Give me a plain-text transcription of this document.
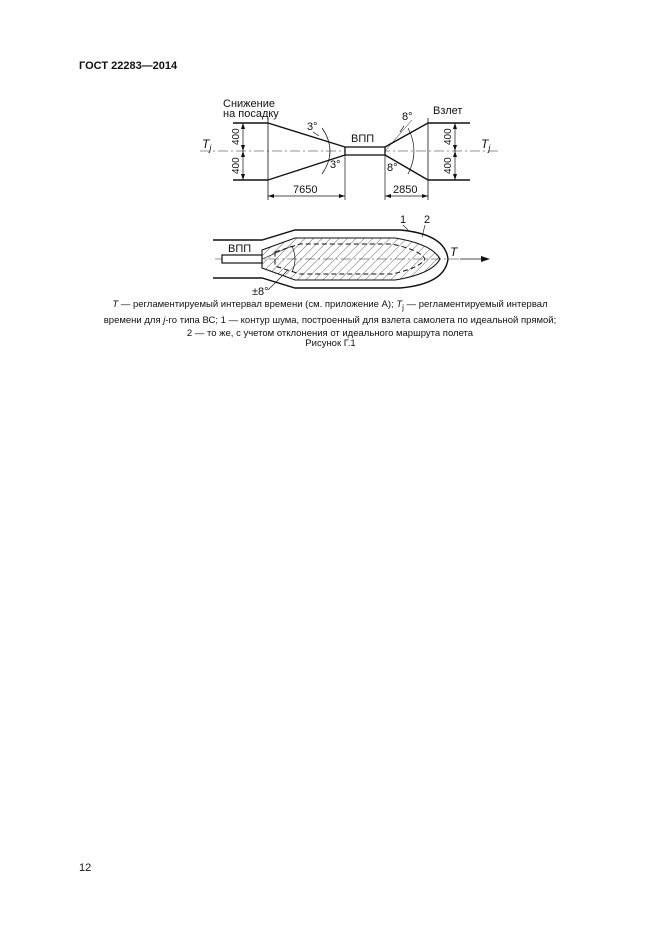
ГОСТ 22283—2014
Снижение
на посадку	Взлет
ВПП
$T_j$	$T_j$
400
400
400
400
3°
3°
8°
8°
7650	2850
ВПП
±8°
1 2
T
T — регламентируемый интервал времени (см. приложение А); $T_j$ — регламентируемый интервал времени для j-го типа ВС; 1 — контур шума, построенный для взлета самолета по идеальной прямой; 2 — то же, с учетом отклонения от идеального маршрута полета
Рисунок Г.1
12
